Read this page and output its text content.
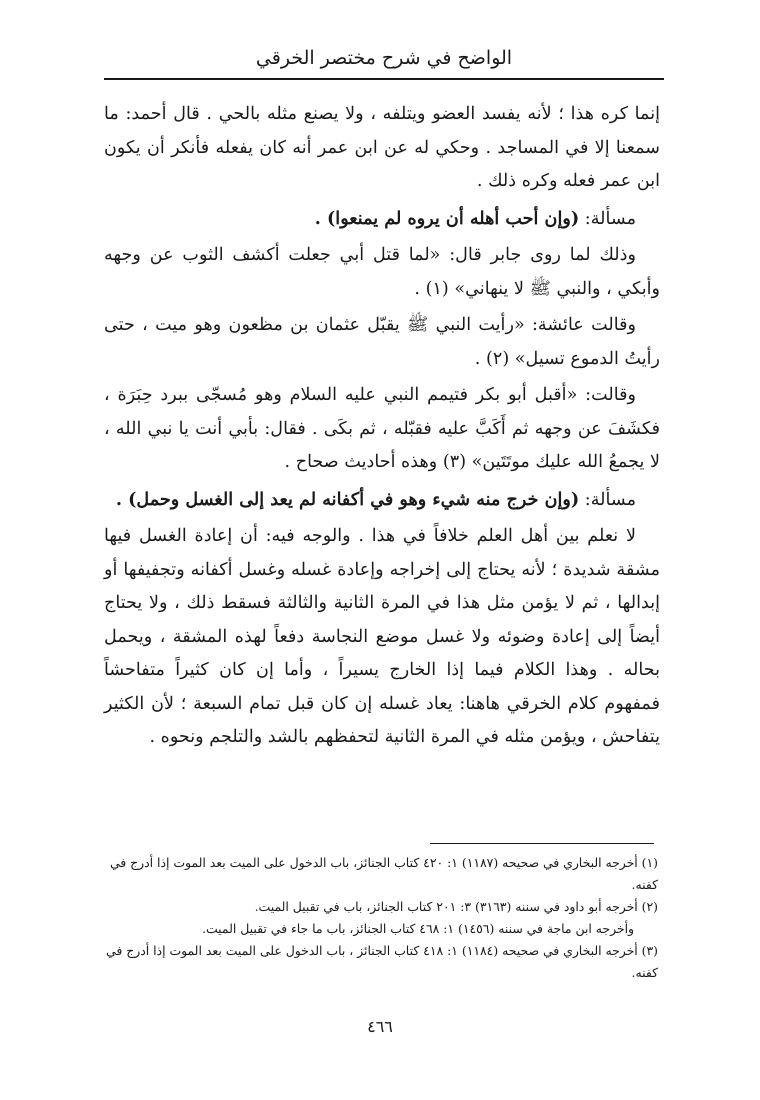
الواضح في شرح مختصر الخرقي

إنما كره هذا ؛ لأنه يفسد العضو ويتلفه ، ولا يصنع مثله بالحي . قال أحمد: ما سمعنا إلا في المساجد . وحكي له عن ابن عمر أنه كان يفعله فأنكر أن يكون ابن عمر فعله وكره ذلك .

مسألة: (وإن أحب أهله أن يروه لم يمنعوا) .

وذلك لما روى جابر قال: «لما قتل أبي جعلت أكشف الثوب عن وجهه وأبكي ، والنبي ﷺ لا ينهاني» (١) .

وقالت عائشة: «رأيت النبي ﷺ يقبّل عثمان بن مظعون وهو ميت ، حتى رأيتُ الدموع تسيل» (٢) .

وقالت: «أقبل أبو بكر فتيمم النبي عليه السلام وهو مُسجّى ببرد حِبَرَة ، فكشَفَ عن وجهه ثم أَكَبَّ عليه فقبّله ، ثم بكَى . فقال: بأبي أنت يا نبي الله ، لا يجمعُ الله عليك موتَتَين» (٣) وهذه أحاديث صحاح .

مسألة: (وإن خرج منه شيء وهو في أكفانه لم يعد إلى الغسل وحمل) .

لا نعلم بين أهل العلم خلافاً في هذا . والوجه فيه: أن إعادة الغسل فيها مشقة شديدة ؛ لأنه يحتاج إلى إخراجه وإعادة غسله وغسل أكفانه وتجفيفها أو إبدالها ، ثم لا يؤمن مثل هذا في المرة الثانية والثالثة فسقط ذلك ، ولا يحتاج أيضاً إلى إعادة وضوئه ولا غسل موضع النجاسة دفعاً لهذه المشقة ، ويحمل بحاله . وهذا الكلام فيما إذا الخارج يسيراً ، وأما إن كان كثيراً متفاحشاً فمفهوم كلام الخرقي هاهنا: يعاد غسله إن كان قبل تمام السبعة ؛ لأن الكثير يتفاحش ، ويؤمن مثله في المرة الثانية لتحفظهم بالشد والتلجم ونحوه .

(١) أخرجه البخاري في صحيحه (١١٨٧) ١: ٤٢٠ كتاب الجنائز، باب الدخول على الميت بعد الموت إذا أدرج في كفنه.

(٢) أخرجه أبو داود في سننه (٣١٦٣) ٣: ٢٠١ كتاب الجنائز، باب في تقبيل الميت.

وأخرجه ابن ماجة في سننه (١٤٥٦) ١: ٤٦٨ كتاب الجنائز، باب ما جاء في تقبيل الميت.

(٣) أخرجه البخاري في صحيحه (١١٨٤) ١: ٤١٨ كتاب الجنائز ، باب الدخول على الميت بعد الموت إذا أدرج في كفنه.

٤٦٦
